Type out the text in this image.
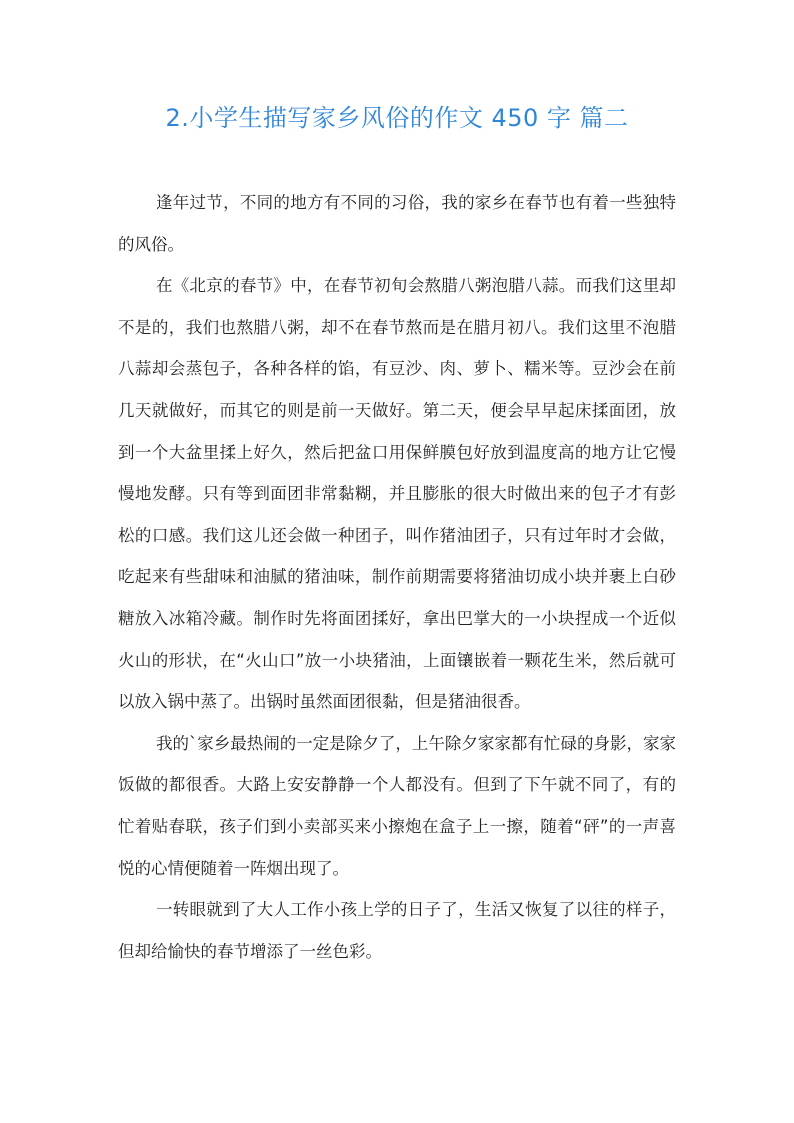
2.小学生描写家乡风俗的作文 450 字 篇二

逢年过节，不同的地方有不同的习俗，我的家乡在春节也有着一些独特的风俗。

在《北京的春节》中，在春节初旬会熬腊八粥泡腊八蒜。而我们这里却不是的，我们也熬腊八粥，却不在春节熬而是在腊月初八。我们这里不泡腊八蒜却会蒸包子，各种各样的馅，有豆沙、肉、萝卜、糯米等。豆沙会在前几天就做好，而其它的则是前一天做好。第二天，便会早早起床揉面团，放到一个大盆里揉上好久，然后把盆口用保鲜膜包好放到温度高的地方让它慢慢地发酵。只有等到面团非常黏糊，并且膨胀的很大时做出来的包子才有彭松的口感。我们这儿还会做一种团子，叫作猪油团子，只有过年时才会做，吃起来有些甜味和油腻的猪油味，制作前期需要将猪油切成小块并裹上白砂糖放入冰箱冷藏。制作时先将面团揉好，拿出巴掌大的一小块捏成一个近似火山的形状，在“火山口”放一小块猪油，上面镶嵌着一颗花生米，然后就可以放入锅中蒸了。出锅时虽然面团很黏，但是猪油很香。

我的`家乡最热闹的一定是除夕了，上午除夕家家都有忙碌的身影，家家饭做的都很香。大路上安安静静一个人都没有。但到了下午就不同了，有的忙着贴春联，孩子们到小卖部买来小擦炮在盒子上一擦，随着“砰”的一声喜悦的心情便随着一阵烟出现了。

一转眼就到了大人工作小孩上学的日子了，生活又恢复了以往的样子，但却给愉快的春节增添了一丝色彩。
